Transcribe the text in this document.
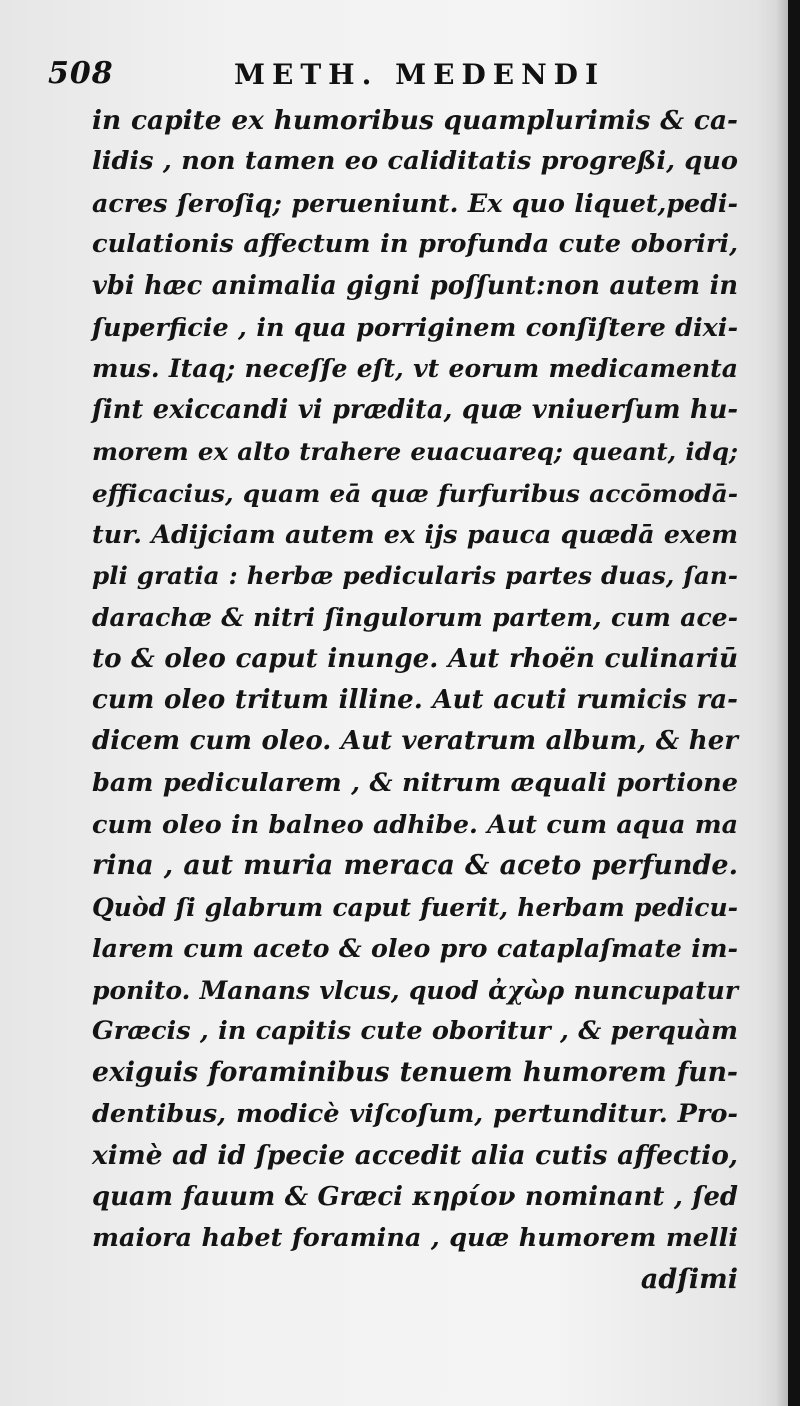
508	METH. MEDENDI
in capite ex humoribus quamplurimis & ca-
lidis , non tamen eo caliditatis progreßi, quo
acres ſeroſiq; perueniunt. Ex quo liquet,pedi-
culationis affectum in profunda cute oboriri,
vbi hæc animalia gigni poſſunt:non autem in
ſuperficie , in qua porriginem conſiſtere dixi-
mus. Itaq; neceſſe eſt, vt eorum medicamenta
ſint exiccandi vi prædita, quæ vniuerſum hu-
morem ex alto trahere euacuareq; queant, idq;
efficacius, quam eā quæ furfuribus accōmodā-
tur. Adijciam autem ex ijs pauca quædā exem
pli gratia : herbæ pedicularis partes duas, ſan-
darachæ & nitri ſingulorum partem, cum ace-
to & oleo caput inunge. Aut rhoën culinariū
cum oleo tritum illine. Aut acuti rumicis ra-
dicem cum oleo. Aut veratrum album, & her
bam pedicularem , & nitrum æquali portione
cum oleo in balneo adhibe. Aut cum aqua ma
rina , aut muria meraca & aceto perfunde.
Quòd ſi glabrum caput fuerit, herbam pedicu-
larem cum aceto & oleo pro cataplaſmate im-
ponito. Manans vlcus, quod ἀχὼρ nuncupatur
Græcis , in capitis cute oboritur , & perquàm
exiguis foraminibus tenuem humorem fun-
dentibus, modicè viſcoſum, pertunditur. Pro-
ximè ad id ſpecie accedit alia cutis affectio,
quam fauum & Græci κηρίον nominant , ſed
maiora habet foramina , quæ humorem melli
adſimi
